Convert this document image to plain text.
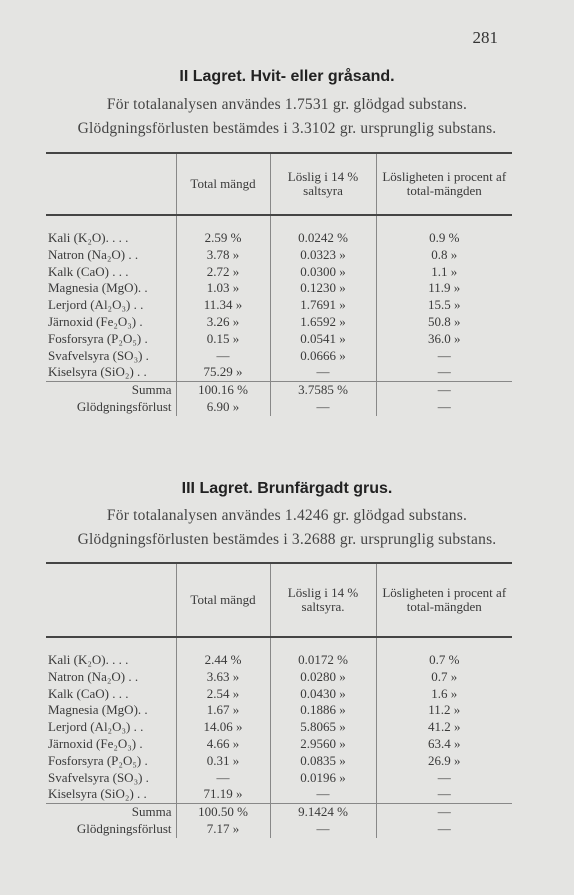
281
II Lagret. Hvit- eller gråsand.
För totalanalysen användes 1.7531 gr. glödgad substans.
Glödgningsförlusten bestämdes i 3.3102 gr. ursprunglig substans.
	Total mängd	Löslig i 14 % saltsyra	Lösligheten i procent af total-mängden
Kali (K₂O). . . .	2.59 %	0.0242 %	0.9 %
Natron (Na₂O) . .	3.78 »	0.0323 »	0.8 »
Kalk (CaO) . . .	2.72 »	0.0300 »	1.1 »
Magnesia (MgO). .	1.03 »	0.1230 »	11.9 »
Lerjord (Al₂O₃) . .	11.34 »	1.7691 »	15.5 »
Järnoxid (Fe₂O₃) .	3.26 »	1.6592 »	50.8 »
Fosforsyra (P₂O₅) .	0.15 »	0.0541 »	36.0 »
Svafvelsyra (SO₃) .	—	0.0666 »	—
Kiselsyra (SiO₂) . .	75.29 »	—	—
Summa	100.16 %	3.7585 %	—
Glödgningsförlust	6.90 »	—	—
III Lagret. Brunfärgadt grus.
För totalanalysen användes 1.4246 gr. glödgad substans.
Glödgningsförlusten bestämdes i 3.2688 gr. ursprunglig substans.
	Total mängd	Löslig i 14 % saltsyra.	Lösligheten i procent af total-mängden
Kali (K₂O). . . .	2.44 %	0.0172 %	0.7 %
Natron (Na₂O) . .	3.63 »	0.0280 »	0.7 »
Kalk (CaO) . . .	2.54 »	0.0430 »	1.6 »
Magnesia (MgO). .	1.67 »	0.1886 »	11.2 »
Lerjord (Al₂O₃) . .	14.06 »	5.8065 »	41.2 »
Järnoxid (Fe₂O₃) .	4.66 »	2.9560 »	63.4 »
Fosforsyra (P₂O₅) .	0.31 »	0.0835 »	26.9 »
Svafvelsyra (SO₃) .	—	0.0196 »	—
Kiselsyra (SiO₂) . .	71.19 »	—	—
Summa	100.50 %	9.1424 %	—
Glödgningsförlust	7.17 »	—	—
